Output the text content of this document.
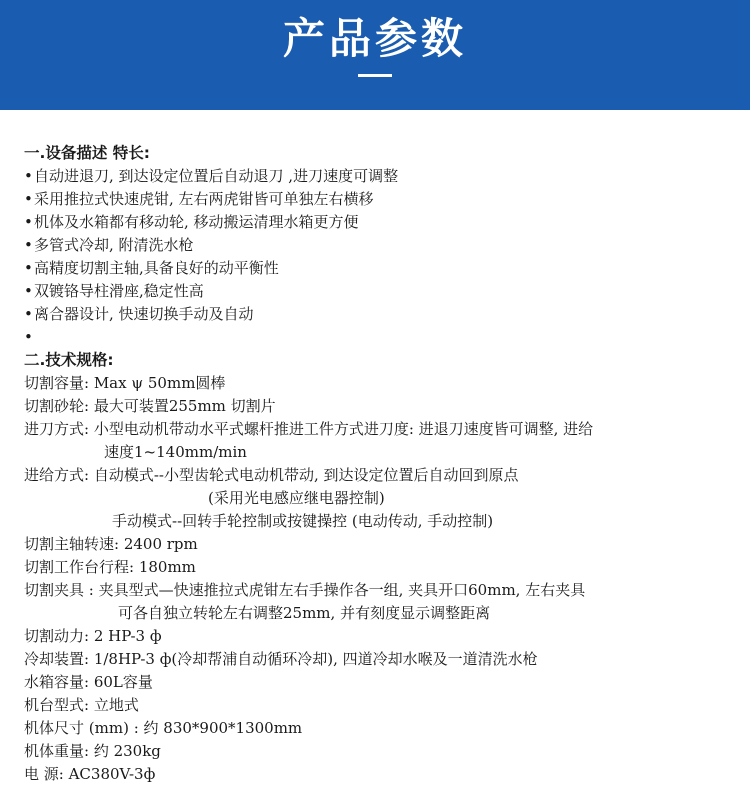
产品参数
一.设备描述 特长:
•自动进退刀, 到达设定位置后自动退刀 ,进刀速度可调整
•采用推拉式快速虎钳, 左右两虎钳皆可单独左右横移
•机体及水箱都有移动轮, 移动搬运清理水箱更方便
•多管式冷却, 附清洗水枪
•高精度切割主轴,具备良好的动平衡性
•双镀铬导柱滑座,稳定性高
•离合器设计, 快速切换手动及自动
•
二.技术规格:
切割容量: Max ψ 50mm圆棒
切割砂轮: 最大可装置255mm 切割片
进刀方式: 小型电动机带动水平式螺杆推进工件方式进刀度: 进退刀速度皆可调整, 进给
速度1~140mm/min
进给方式: 自动模式--小型齿轮式电动机带动, 到达设定位置后自动回到原点
(采用光电感应继电器控制)
手动模式--回转手轮控制或按键操控 (电动传动, 手动控制)
切割主轴转速: 2400 rpm
切割工作台行程: 180mm
切割夹具 : 夹具型式—快速推拉式虎钳左右手操作各一组, 夹具开口60mm, 左右夹具
可各自独立转轮左右调整25mm, 并有刻度显示调整距离
切割动力: 2 HP-3 ф
冷却装置: 1/8HP-3 ф(冷却帮浦自动循环冷却), 四道冷却水喉及一道清洗水枪
水箱容量: 60L容量
机台型式: 立地式
机体尺寸 (mm) : 约 830*900*1300mm
机体重量: 约 230kg
电 源: AC380V-3ф
